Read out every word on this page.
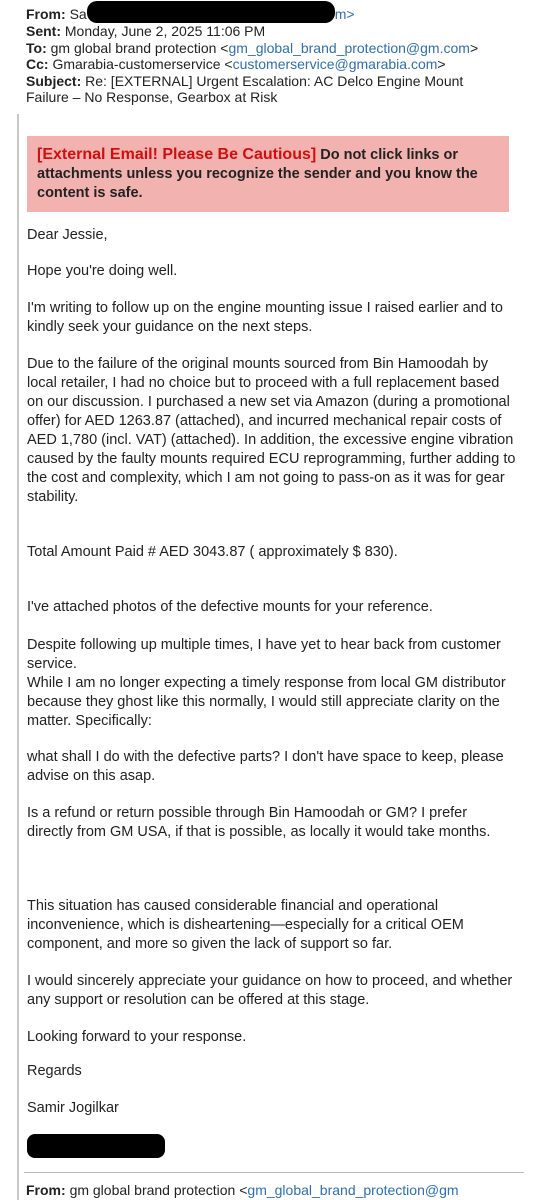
From: Sa	m>
Sent: Monday, June 2, 2025 11:06 PM
To: gm global brand protection <gm_global_brand_protection@gm.com>
Cc: Gmarabia-customerservice <customerservice@gmarabia.com>
Subject: Re: [EXTERNAL] Urgent Escalation: AC Delco Engine Mount
Failure – No Response, Gearbox at Risk
[External Email! Please Be Cautious] Do not click links or attachments unless you recognize the sender and you know the content is safe.
Dear Jessie,
Hope you're doing well.
I'm writing to follow up on the engine mounting issue I raised earlier and to kindly seek your guidance on the next steps.
Due to the failure of the original mounts sourced from Bin Hamoodah by local retailer, I had no choice but to proceed with a full replacement based on our discussion. I purchased a new set via Amazon (during a promotional offer) for AED 1263.87 (attached), and incurred mechanical repair costs of AED 1,780 (incl. VAT) (attached). In addition, the excessive engine vibration caused by the faulty mounts required ECU reprogramming, further adding to the cost and complexity, which I am not going to pass-on as it was for gear stability.
Total Amount Paid # AED 3043.87 ( approximately $ 830).
I've attached photos of the defective mounts for your reference.
Despite following up multiple times, I have yet to hear back from customer service.
While I am no longer expecting a timely response from local GM distributor because they ghost like this normally, I would still appreciate clarity on the matter. Specifically:
what shall I do with the defective parts? I don't have space to keep, please advise on this asap.
Is a refund or return possible through Bin Hamoodah or GM? I prefer directly from GM USA, if that is possible, as locally it would take months.
This situation has caused considerable financial and operational inconvenience, which is disheartening—especially for a critical OEM component, and more so given the lack of support so far.
I would sincerely appreciate your guidance on how to proceed, and whether any support or resolution can be offered at this stage.
Looking forward to your response.
Regards
Samir Jogilkar
From: gm global brand protection <gm_global_brand_protection@gm
